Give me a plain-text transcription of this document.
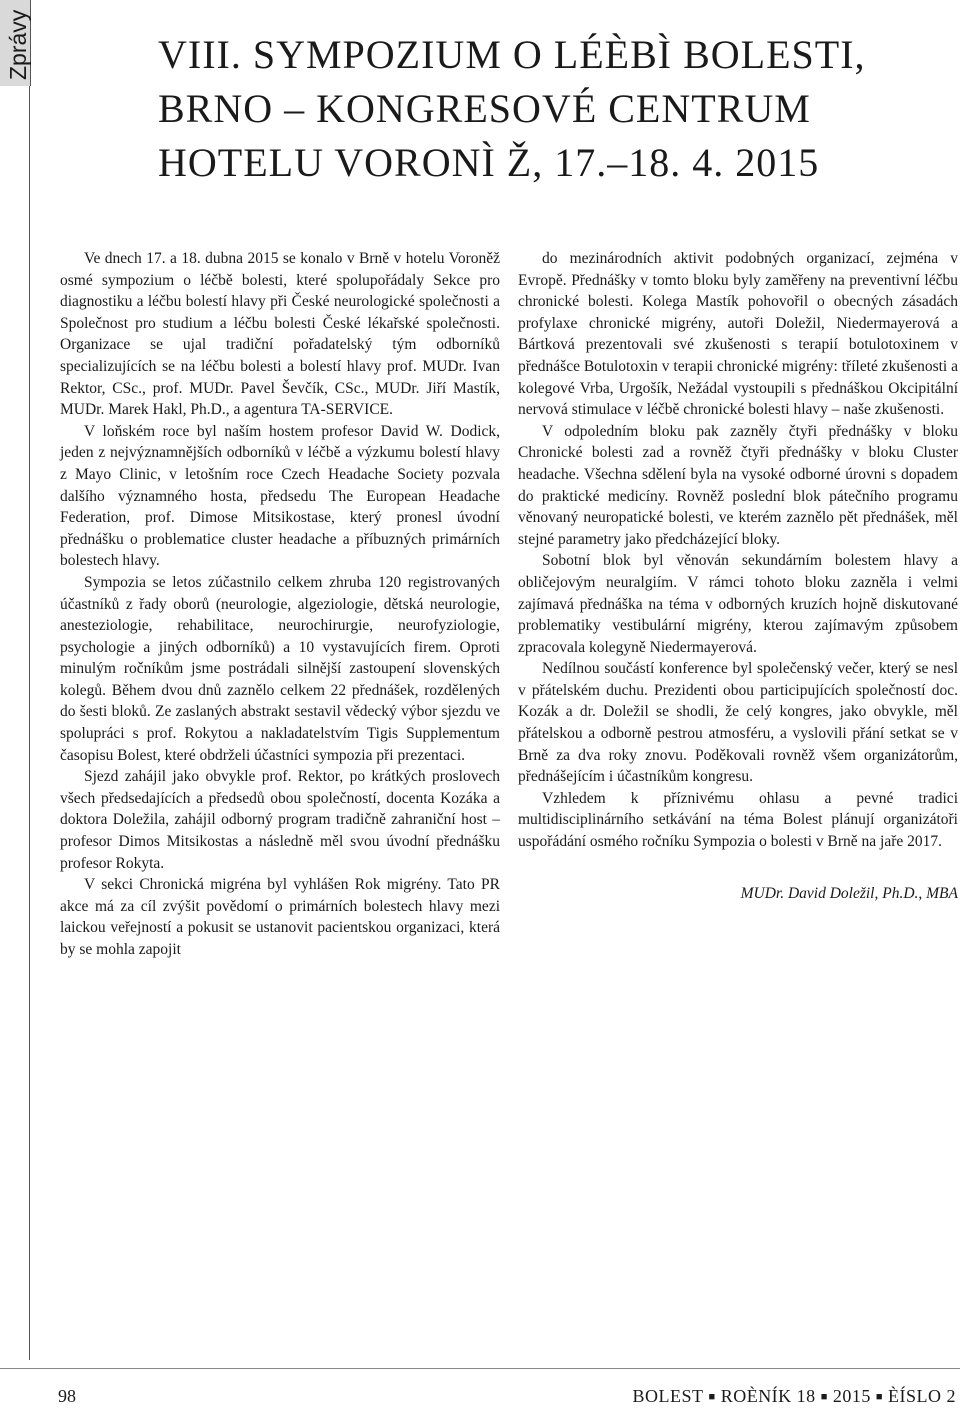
Zprávy	VIII. SYMPOZIUM O LÉÈBÌ BOLESTI,
BRNO – KONGRESOVÉ CENTRUM
HOTELU VORONÌ Ž, 17.–18. 4. 2015

Ve dnech 17. a 18. dubna 2015 se konalo v Brně v hotelu Voroněž osmé sympozium o léčbě bolesti, které spolupořádaly Sekce pro diagnostiku a léčbu bolestí hlavy při České neurologické společnosti a Společnost pro studium a léčbu bolesti České lékařské společnosti. Organizace se ujal tradiční pořadatelský tým odborníků specializujících se na léčbu bolesti a bolestí hlavy prof. MUDr. Ivan Rektor, CSc., prof. MUDr. Pavel Ševčík, CSc., MUDr. Jiří Mastík, MUDr. Marek Hakl, Ph.D., a agentura TA-SERVICE.

V loňském roce byl naším hostem profesor David W. Dodick, jeden z nejvýznamnějších odborníků v léčbě a výzkumu bolestí hlavy z Mayo Clinic, v letošním roce Czech Headache Society pozvala dalšího významného hosta, předsedu The European Headache Federation, prof. Dimose Mitsikostase, který pronesl úvodní přednášku o problematice cluster headache a příbuzných primárních bolestech hlavy.

Sympozia se letos zúčastnilo celkem zhruba 120 registrovaných účastníků z řady oborů (neurologie, algeziologie, dětská neurologie, anesteziologie, rehabilitace, neurochirurgie, neurofyziologie, psychologie a jiných odborníků) a 10 vystavujících firem. Oproti minulým ročníkům jsme postrádali silnější zastoupení slovenských kolegů. Během dvou dnů zaznělo celkem 22 přednášek, rozdělených do šesti bloků. Ze zaslaných abstrakt sestavil vědecký výbor sjezdu ve spolupráci s prof. Rokytou a nakladatelstvím Tigis Supplementum časopisu Bolest, které obdrželi účastníci sympozia při prezentaci.

Sjezd zahájil jako obvykle prof. Rektor, po krátkých proslovech všech předsedajících a předsedů obou společností, docenta Kozáka a doktora Doležila, zahájil odborný program tradičně zahraniční host – profesor Dimos Mitsikostas a následně měl svou úvodní přednášku profesor Rokyta.

V sekci Chronická migréna byl vyhlášen Rok migrény. Tato PR akce má za cíl zvýšit povědomí o primárních bolestech hlavy mezi laickou veřejností a pokusit se ustanovit pacientskou organizaci, která by se mohla zapojit

do mezinárodních aktivit podobných organizací, zejména v Evropě. Přednášky v tomto bloku byly zaměřeny na preventivní léčbu chronické bolesti. Kolega Mastík pohovořil o obecných zásadách profylaxe chronické migrény, autoři Doležil, Niedermayerová a Bártková prezentovali své zkušenosti s terapií botulotoxinem v přednášce Botulotoxin v terapii chronické migrény: tříleté zkušenosti a kolegové Vrba, Urgošík, Nežádal vystoupili s přednáškou Okcipitální nervová stimulace v léčbě chronické bolesti hlavy – naše zkušenosti.

V odpoledním bloku pak zazněly čtyři přednášky v bloku Chronické bolesti zad a rovněž čtyři přednášky v bloku Cluster headache. Všechna sdělení byla na vysoké odborné úrovni s dopadem do praktické medicíny. Rovněž poslední blok pátečního programu věnovaný neuropatické bolesti, ve kterém zaznělo pět přednášek, měl stejné parametry jako předcházející bloky.

Sobotní blok byl věnován sekundárním bolestem hlavy a obličejovým neuralgiím. V rámci tohoto bloku zazněla i velmi zajímavá přednáška na téma v odborných kruzích hojně diskutované problematiky vestibulární migrény, kterou zajímavým způsobem zpracovala kolegyně Niedermayerová.

Nedílnou součástí konference byl společenský večer, který se nesl v přátelském duchu. Prezidenti obou participujících společností doc. Kozák a dr. Doležil se shodli, že celý kongres, jako obvykle, měl přátelskou a odborně pestrou atmosféru, a vyslovili přání setkat se v Brně za dva roky znovu. Poděkovali rovněž všem organizátorům, přednášejícím i účastníkům kongresu.

Vzhledem k příznivému ohlasu a pevné tradici multidisciplinárního setkávání na téma Bolest plánují organizátoři uspořádání osmého ročníku Sympozia o bolesti v Brně na jaře 2017.

MUDr. David Doležil, Ph.D., MBA

98	BOLEST ■ ROÈNÍK 18 ■ 2015 ■ ÈÍSLO 2
